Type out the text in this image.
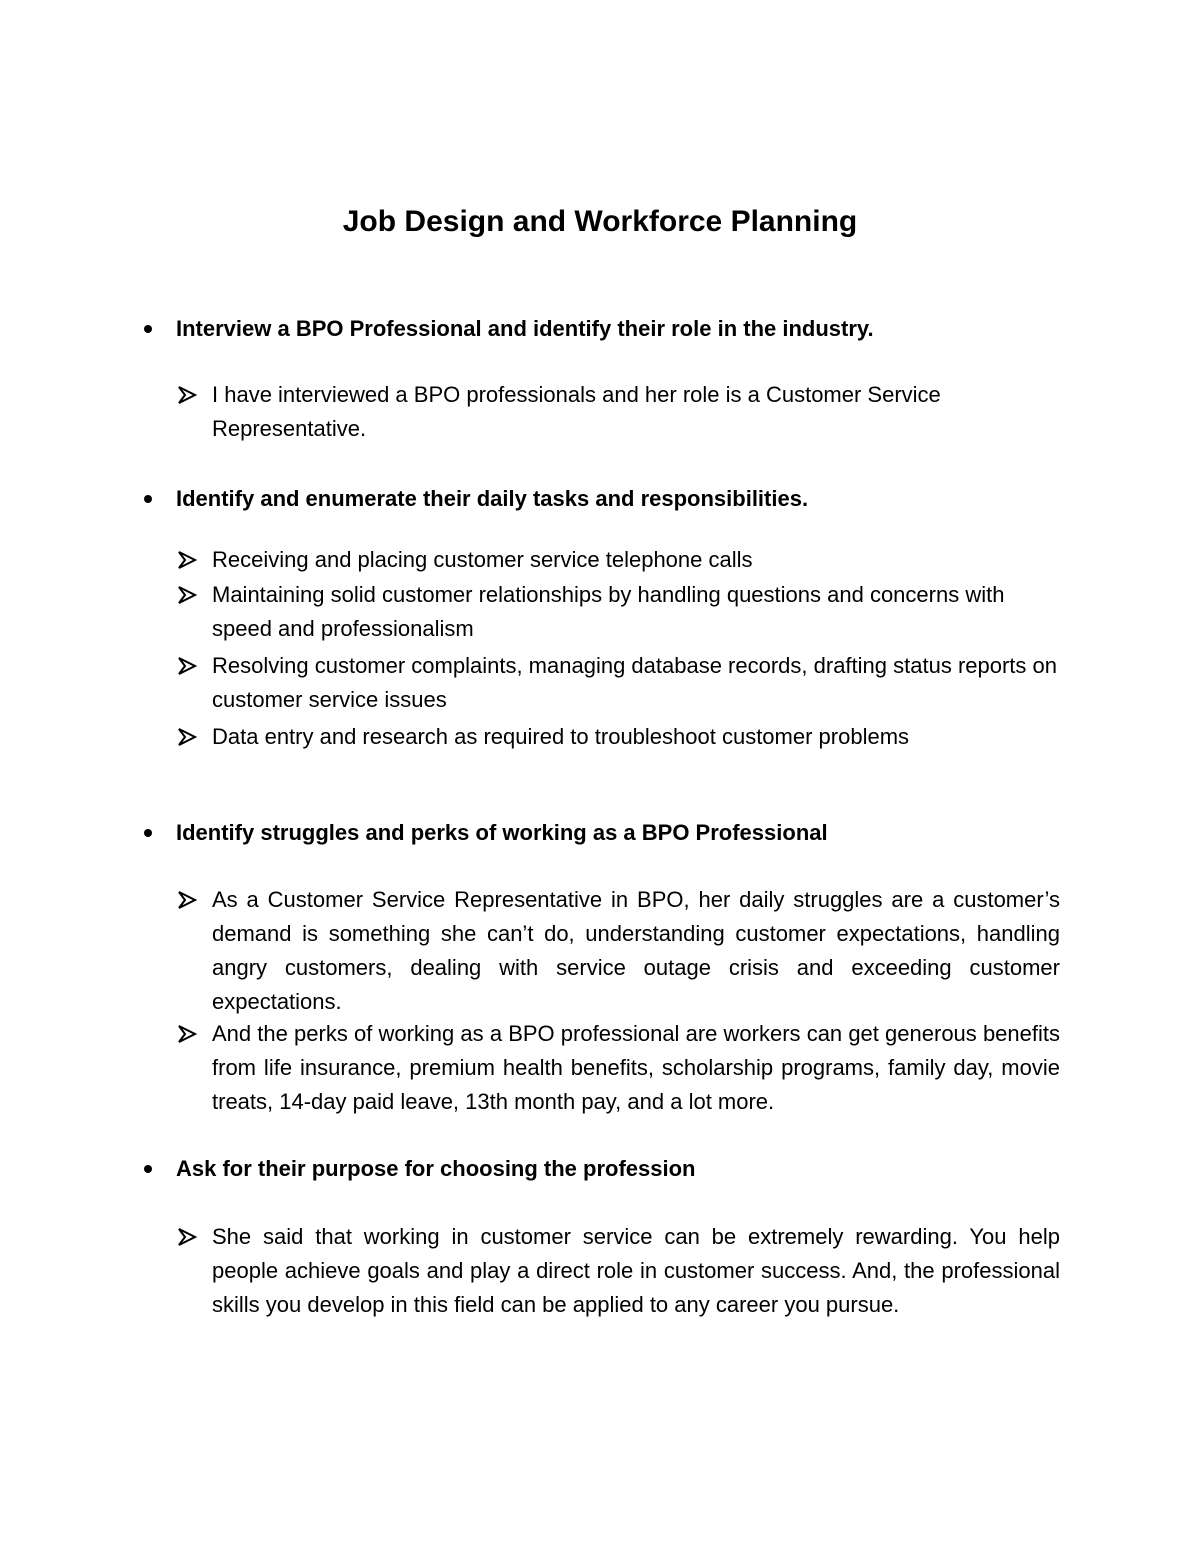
Job Design and Workforce Planning
Interview a BPO Professional and identify their role in the industry.
I have interviewed a BPO professionals and her role is a Customer Service Representative.
Identify and enumerate their daily tasks and responsibilities.
Receiving and placing customer service telephone calls
Maintaining solid customer relationships by handling questions and concerns with speed and professionalism
Resolving customer complaints, managing database records, drafting status reports on customer service issues
Data entry and research as required to troubleshoot customer problems
Identify struggles and perks of working as a BPO Professional
As a Customer Service Representative in BPO, her daily struggles are a customer’s demand is something she can’t do, understanding customer expectations, handling angry customers, dealing with service outage crisis and exceeding customer expectations.
And the perks of working as a BPO professional are workers can get generous benefits from life insurance, premium health benefits, scholarship programs, family day, movie treats, 14-day paid leave, 13th month pay, and a lot more.
Ask for their purpose for choosing the profession
She said that working in customer service can be extremely rewarding. You help people achieve goals and play a direct role in customer success. And, the professional skills you develop in this field can be applied to any career you pursue.
